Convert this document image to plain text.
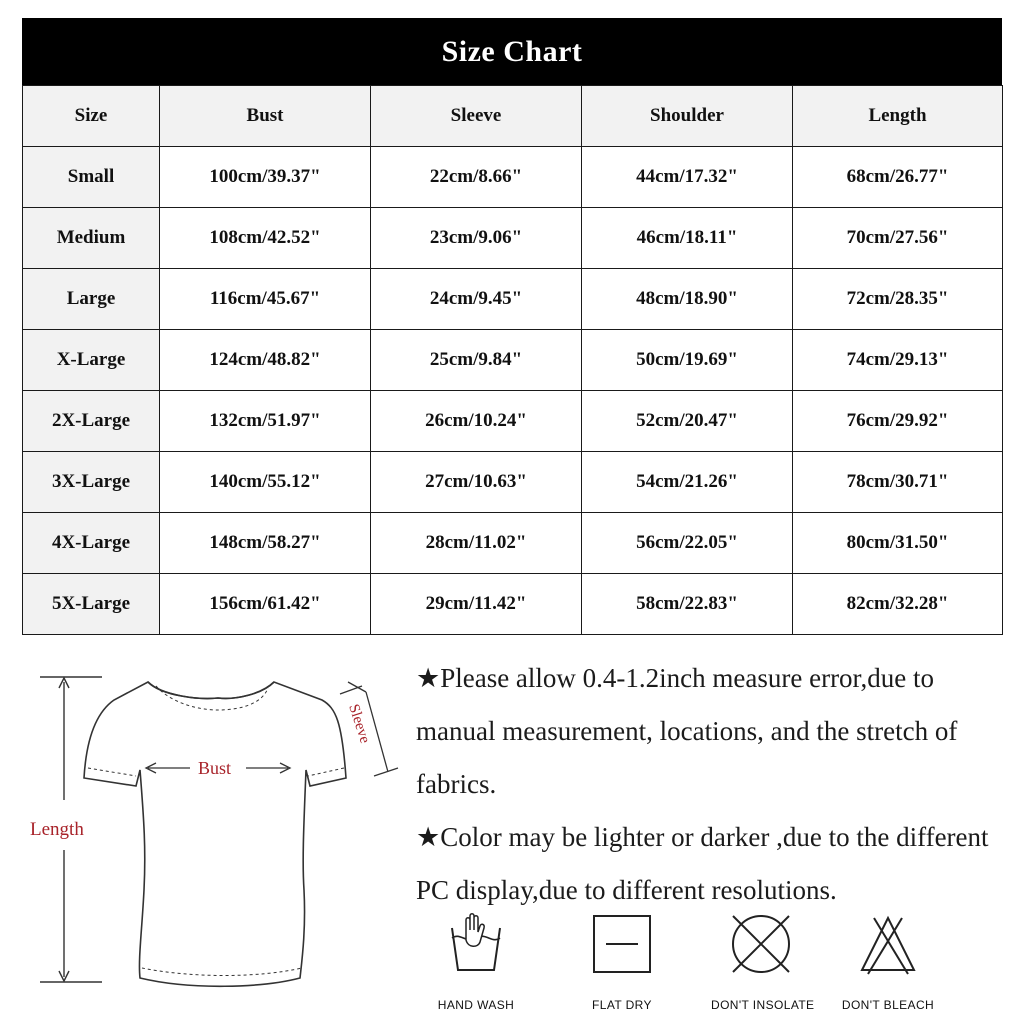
Size Chart
Size	Bust	Sleeve	Shoulder	Length
Small	100cm/39.37"	22cm/8.66"	44cm/17.32"	68cm/26.77"
Medium	108cm/42.52"	23cm/9.06"	46cm/18.11"	70cm/27.56"
Large	116cm/45.67"	24cm/9.45"	48cm/18.90"	72cm/28.35"
X-Large	124cm/48.82"	25cm/9.84"	50cm/19.69"	74cm/29.13"
2X-Large	132cm/51.97"	26cm/10.24"	52cm/20.47"	76cm/29.92"
3X-Large	140cm/55.12"	27cm/10.63"	54cm/21.26"	78cm/30.71"
4X-Large	148cm/58.27"	28cm/11.02"	56cm/22.05"	80cm/31.50"
5X-Large	156cm/61.42"	29cm/11.42"	58cm/22.83"	82cm/32.28"
Length
Bust
Sleeve

★Please allow 0.4-1.2inch measure error,due to manual measurement, locations, and the stretch of fabrics.

★Color may be lighter or darker ,due to the different PC display,due to different resolutions.

HAND WASH	FLAT DRY	DON'T INSOLATE	DON'T BLEACH
